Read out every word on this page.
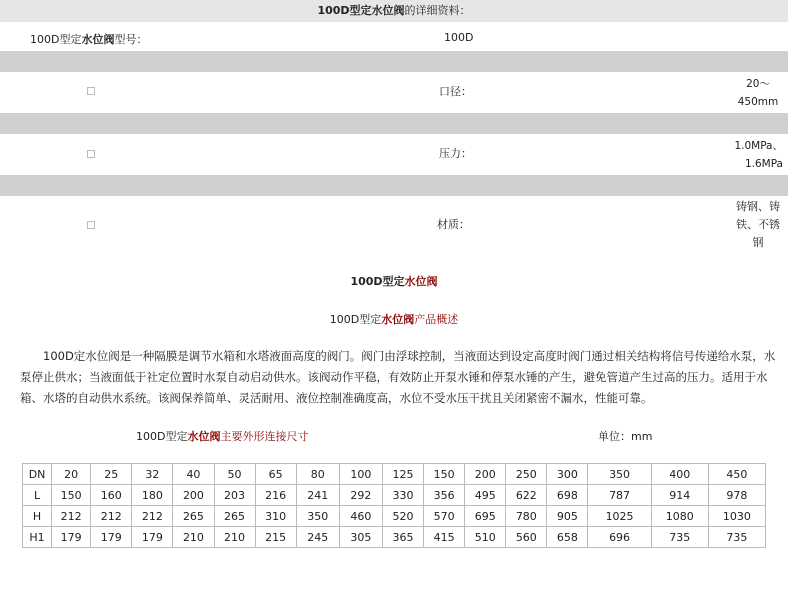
100D型定水位阀的详细资料：
100D型定水位阀型号：	100D
口径：
20～
450mm
压力：
1.0MPa、
1.6MPa
材质：
铸钢、铸
铁、不锈
钢
100D型定水位阀
100D型定水位阀产品概述
100D定水位阀是一种隔膜是调节水箱和水塔液面高度的阀门。阀门由浮球控制，当液面达到设定高度时阀门通过相关结构将信号传递给水泵，水泵停止供水；当液面低于社定位置时水泵自动启动供水。该阀动作平稳，有效防止开泵水锤和停泵水锤的产生，避免管道产生过高的压力。适用于水箱、水塔的自动供水系统。该阀保养简单、灵活耐用、液位控制准确度高，水位不受水压干扰且关闭紧密不漏水，性能可靠。
100D型定水位阀主要外形连接尺寸	单位：mm
DN	20	25	32	40	50	65	80	100	125	150	200	250	300	350	400	450
L	150	160	180	200	203	216	241	292	330	356	495	622	698	787	914	978
H	212	212	212	265	265	310	350	460	520	570	695	780	905	1025	1080	1030
H1	179	179	179	210	210	215	245	305	365	415	510	560	658	696	735	735
